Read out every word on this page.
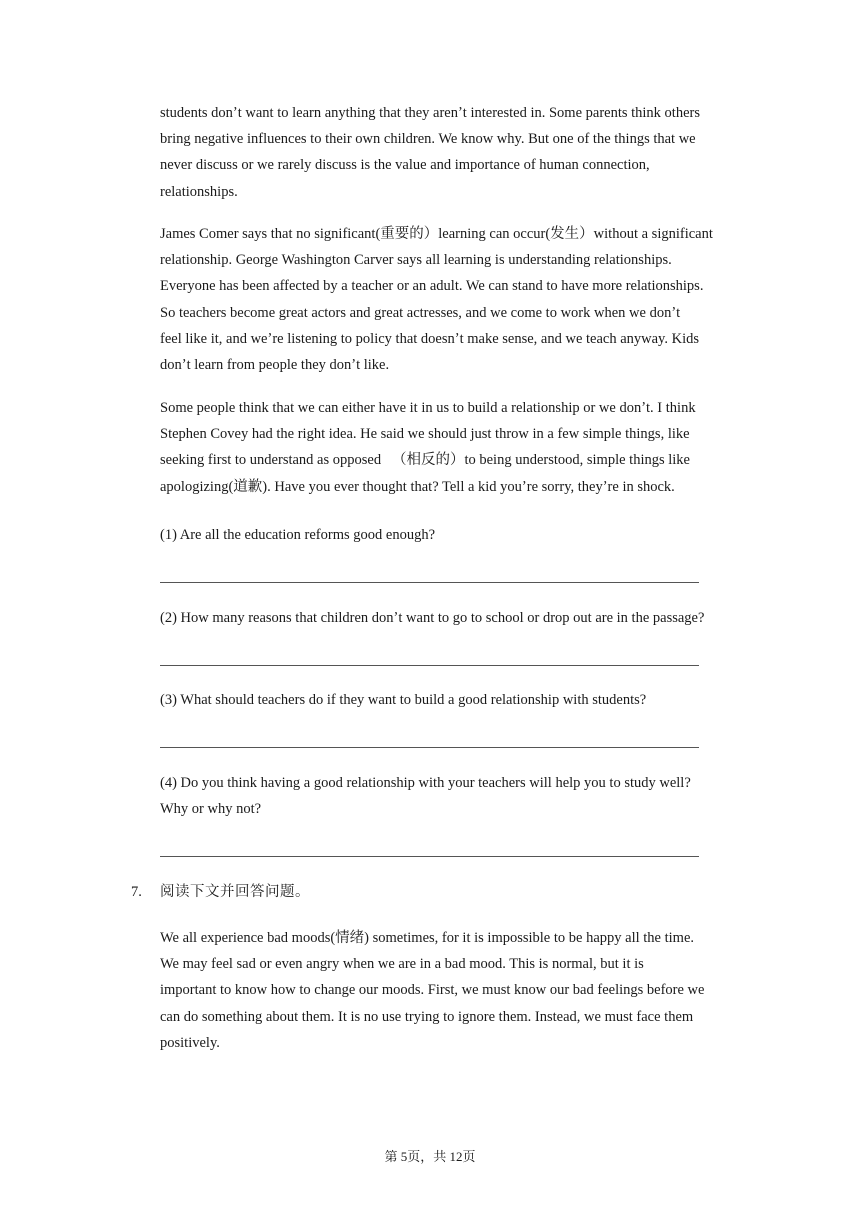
students donʼt want to learn anything that they arenʼt interested in. Some parents think others
bring negative influences to their own children. We know why. But one of the things that we
never discuss or we rarely discuss is the value and importance of human connection,
relationships.

James Comer says that no significant(重要的）learning can occur(发生）without a significant
relationship. George Washington Carver says all learning is understanding relationships.
Everyone has been affected by a teacher or an adult. We can stand to have more relationships.
So teachers become great actors and great actresses, and we come to work when we donʼt
feel like it, and weʼre listening to policy that doesnʼt make sense, and we teach anyway. Kids
donʼt learn from people they donʼt like.

Some people think that we can either have it in us to build a relationship or we donʼt. I think
Stephen Covey had the right idea. He said we should just throw in a few simple things, like
seeking first to understand as opposed 　（相反的）to being understood, simple things like
apologizing(道歉). Have you ever thought that? Tell a kid youʼre sorry, theyʼre in shock.

(1) Are all the education reforms good enough?

(2) How many reasons that children donʼt want to go to school or drop out are in the passage?

(3) What should teachers do if they want to build a good relationship with students?

(4) Do you think having a good relationship with your teachers will help you to study well?
Why or why not?

7. 阅读下文并回答问题。

We all experience bad moods(情绪) sometimes, for it is impossible to be happy all the time.
We may feel sad or even angry when we are in a bad mood. This is normal, but it is
important to know how to change our moods. First, we must know our bad feelings before we
can do something about them. It is no use trying to ignore them. Instead, we must face them
positively.

第 5页，共 12页
